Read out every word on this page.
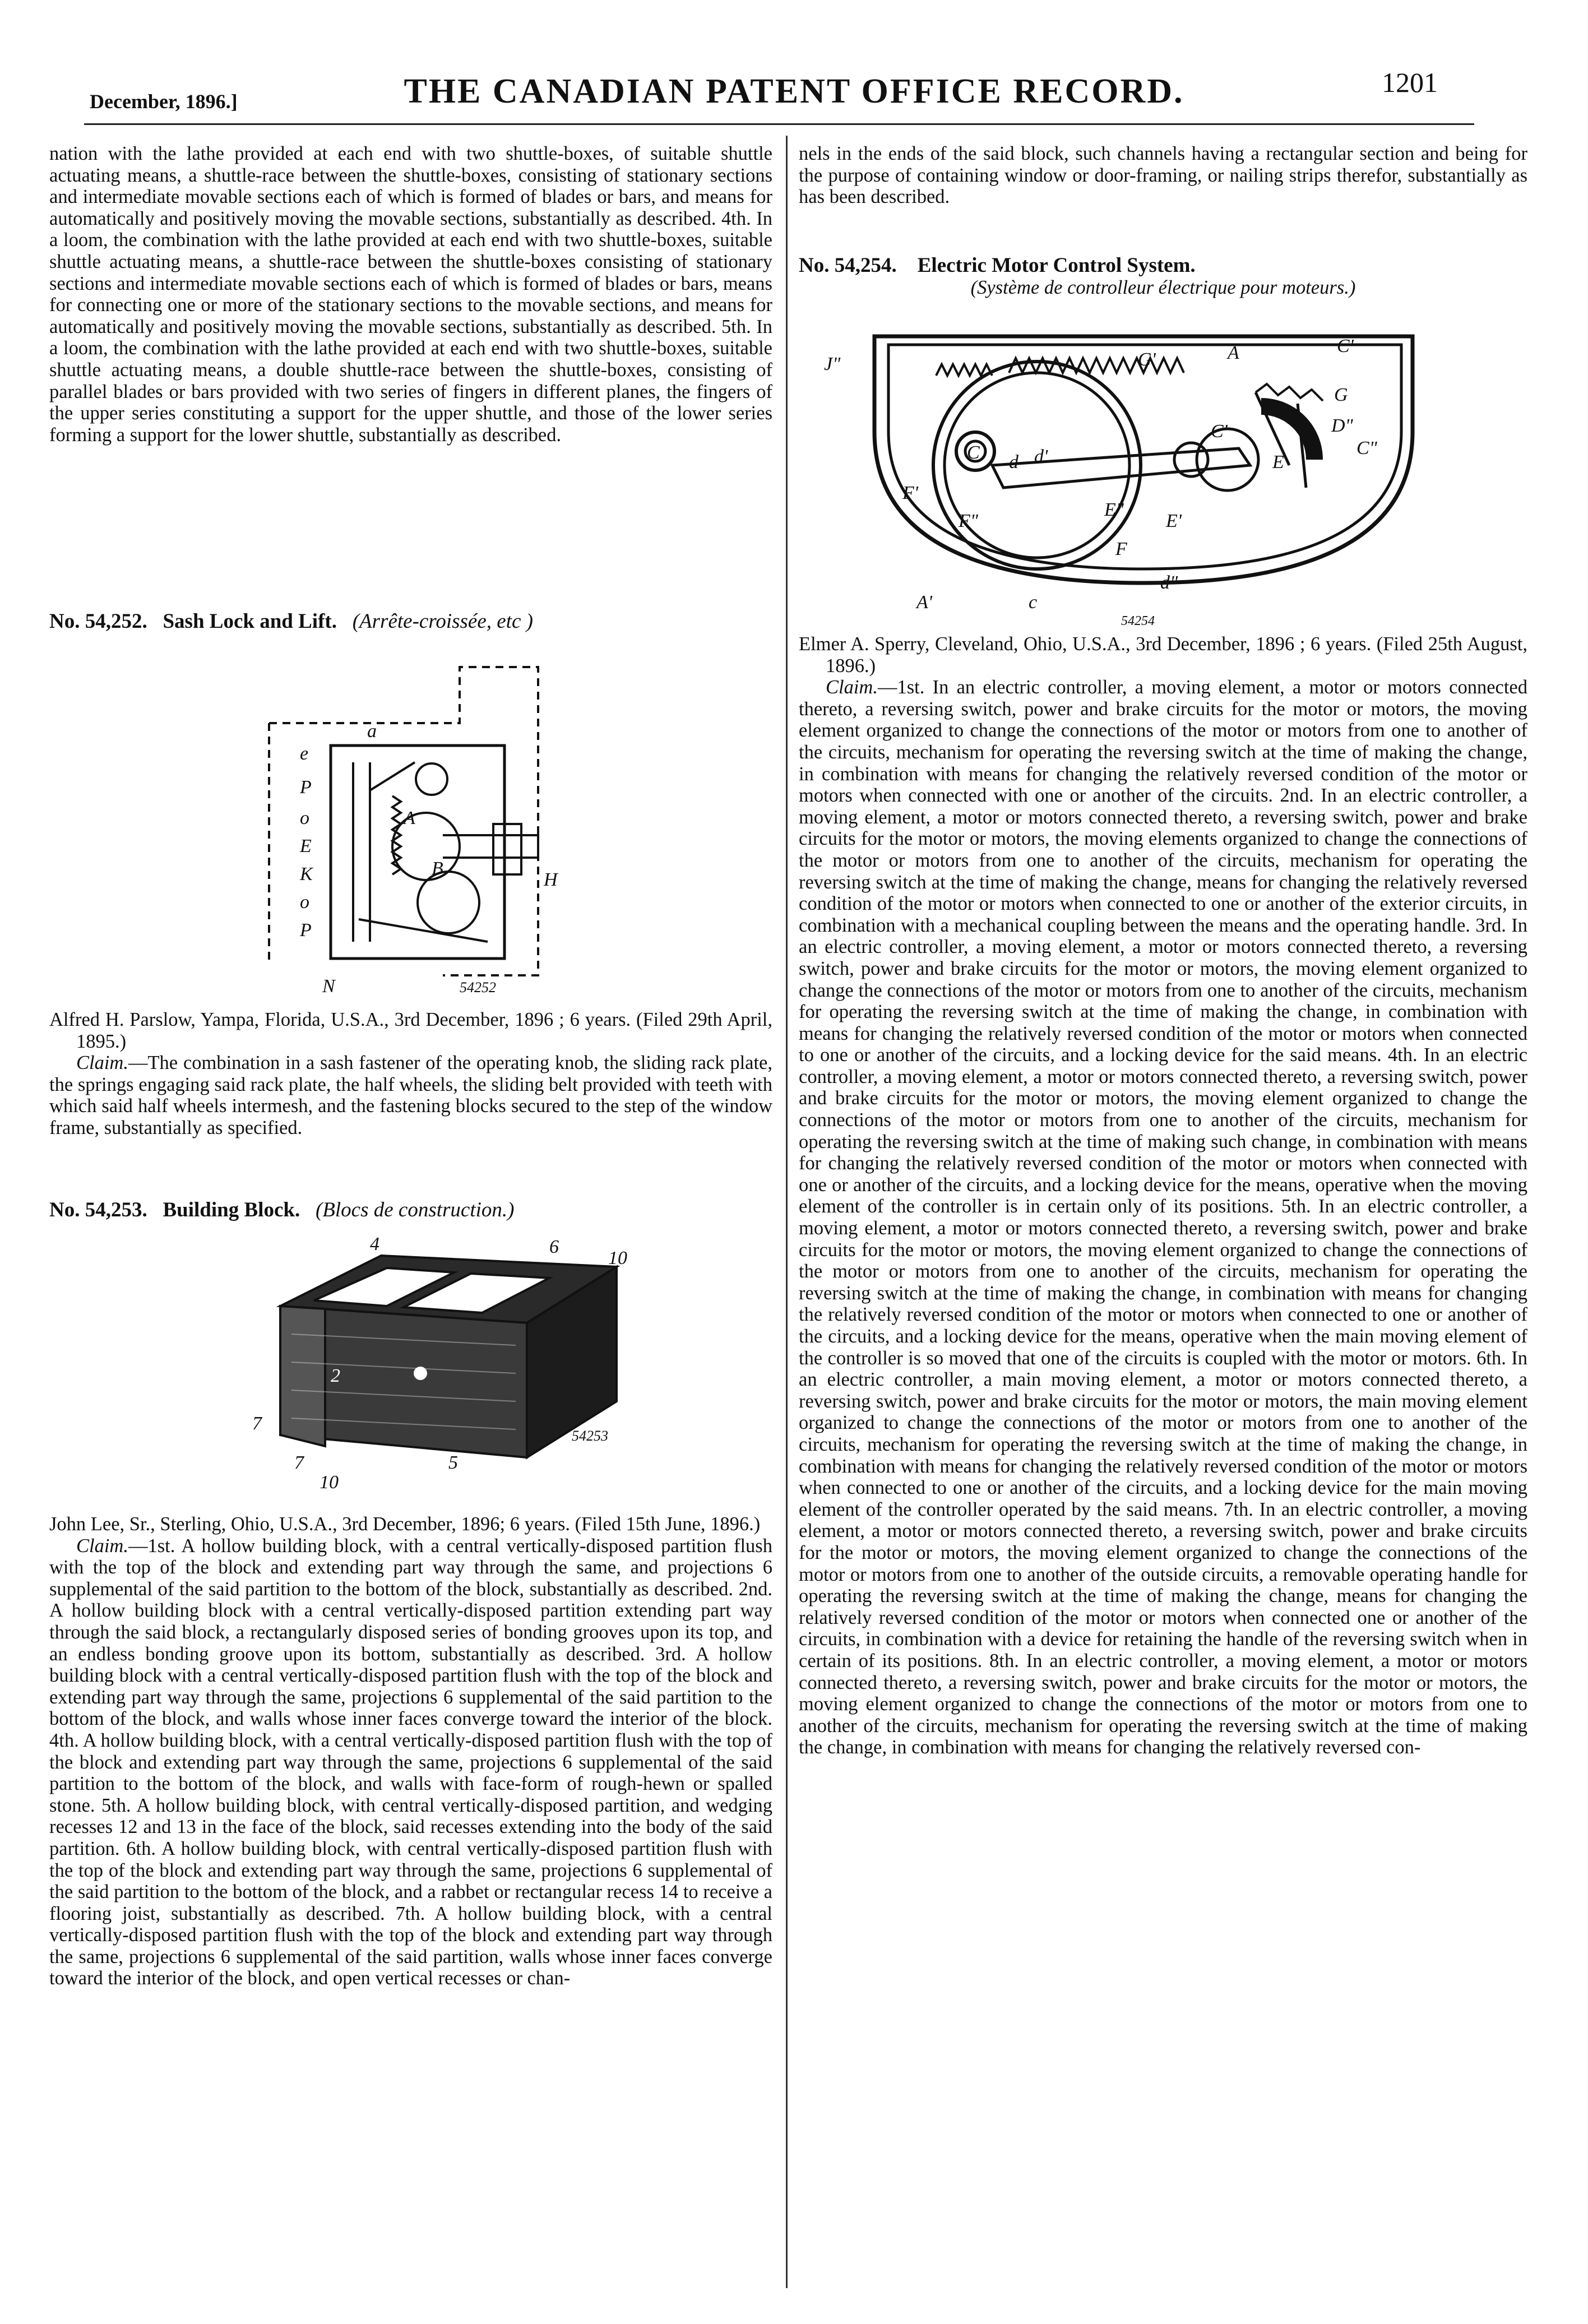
December, 1896.]	THE CANADIAN PATENT OFFICE RECORD.	1201

nation with the lathe provided at each end with two shuttle-boxes, of suitable shuttle actuating means, a shuttle-race between the shuttle-boxes, consisting of stationary sections and intermediate movable sections each of which is formed of blades or bars, and means for automatically and positively moving the movable sections, substantially as described. 4th. In a loom, the combination with the lathe provided at each end with two shuttle-boxes, suitable shuttle actuating means, a shuttle-race between the shuttle-boxes consisting of stationary sections and intermediate movable sections each of which is formed of blades or bars, means for connecting one or more of the stationary sections to the movable sections, and means for automatically and positively moving the movable sections, substantially as described. 5th. In a loom, the combination with the lathe provided at each end with two shuttle-boxes, suitable shuttle actuating means, a double shuttle-race between the shuttle-boxes, consisting of parallel blades or bars provided with two series of fingers in different planes, the fingers of the upper series constituting a support for the upper shuttle, and those of the lower series forming a support for the lower shuttle, substantially as described.

No. 54,252. Sash Lock and Lift. (Arrête-croissée, etc )

e
a
P
o
E
K
o
P
B
H
A
N	54252

Alfred H. Parslow, Yampa, Florida, U.S.A., 3rd December, 1896 ; 6 years. (Filed 29th April, 1895.)

Claim.—The combination in a sash fastener of the operating knob, the sliding rack plate, the springs engaging said rack plate, the half wheels, the sliding belt provided with teeth with which said half wheels intermesh, and the fastening blocks secured to the step of the window frame, substantially as specified.

No. 54,253. Building Block. (Blocs de construction.)

4	6
10
2
7
7	5
10
54253

John Lee, Sr., Sterling, Ohio, U.S.A., 3rd December, 1896; 6 years. (Filed 15th June, 1896.)

Claim.—1st. A hollow building block, with a central vertically-disposed partition flush with the top of the block and extending part way through the same, and projections 6 supplemental of the said partition to the bottom of the block, substantially as described. 2nd. A hollow building block with a central vertically-disposed partition extending part way through the said block, a rectangularly disposed series of bonding grooves upon its top, and an endless bonding groove upon its bottom, substantially as described. 3rd. A hollow building block with a central vertically-disposed partition flush with the top of the block and extending part way through the same, projections 6 supplemental of the said partition to the bottom of the block, and walls whose inner faces converge toward the interior of the block. 4th. A hollow building block, with a central vertically-disposed partition flush with the top of the block and extending part way through the same, projections 6 supplemental of the said partition to the bottom of the block, and walls with face-form of rough-hewn or spalled stone. 5th. A hollow building block, with central vertically-disposed partition, and wedging recesses 12 and 13 in the face of the block, said recesses extending into the body of the said partition. 6th. A hollow building block, with central vertically-disposed partition flush with the top of the block and extending part way through the same, projections 6 supplemental of the said partition to the bottom of the block, and a rabbet or rectangular recess 14 to receive a flooring joist, substantially as described. 7th. A hollow building block, with a central vertically-disposed partition flush with the top of the block and extending part way through the same, projections 6 supplemental of the said partition, walls whose inner faces converge toward the interior of the block, and open vertical recesses or chan-

nels in the ends of the said block, such channels having a rectangular section and being for the purpose of containing window or door-framing, or nailing strips therefor, substantially as has been described.

No. 54,254. Electric Motor Control System.

(Système de controlleur électrique pour moteurs.)

J"	G'	A	C'
G
D"
C"
C'
C d d'
F'
E
F"
E"
E'
F
d"
c
A'
54254

Elmer A. Sperry, Cleveland, Ohio, U.S.A., 3rd December, 1896 ; 6 years. (Filed 25th August, 1896.)

Claim.—1st. In an electric controller, a moving element, a motor or motors connected thereto, a reversing switch, power and brake circuits for the motor or motors, the moving element organized to change the connections of the motor or motors from one to another of the circuits, mechanism for operating the reversing switch at the time of making the change, in combination with means for changing the relatively reversed condition of the motor or motors when connected with one or another of the circuits. 2nd. In an electric controller, a moving element, a motor or motors connected thereto, a reversing switch, power and brake circuits for the motor or motors, the moving elements organized to change the connections of the motor or motors from one to another of the circuits, mechanism for operating the reversing switch at the time of making the change, means for changing the relatively reversed condition of the motor or motors when connected to one or another of the exterior circuits, in combination with a mechanical coupling between the means and the operating handle. 3rd. In an electric controller, a moving element, a motor or motors connected thereto, a reversing switch, power and brake circuits for the motor or motors, the moving element organized to change the connections of the motor or motors from one to another of the circuits, mechanism for operating the reversing switch at the time of making the change, in combination with means for changing the relatively reversed condition of the motor or motors when connected to one or another of the circuits, and a locking device for the said means. 4th. In an electric controller, a moving element, a motor or motors connected thereto, a reversing switch, power and brake circuits for the motor or motors, the moving element organized to change the connections of the motor or motors from one to another of the circuits, mechanism for operating the reversing switch at the time of making such change, in combination with means for changing the relatively reversed condition of the motor or motors when connected with one or another of the circuits, and a locking device for the means, operative when the moving element of the controller is in certain only of its positions. 5th. In an electric controller, a moving element, a motor or motors connected thereto, a reversing switch, power and brake circuits for the motor or motors, the moving element organized to change the connections of the motor or motors from one to another of the circuits, mechanism for operating the reversing switch at the time of making the change, in combination with means for changing the relatively reversed condition of the motor or motors when connected to one or another of the circuits, and a locking device for the means, operative when the main moving element of the controller is so moved that one of the circuits is coupled with the motor or motors. 6th. In an electric controller, a main moving element, a motor or motors connected thereto, a reversing switch, power and brake circuits for the motor or motors, the main moving element organized to change the connections of the motor or motors from one to another of the circuits, mechanism for operating the reversing switch at the time of making the change, in combination with means for changing the relatively reversed condition of the motor or motors when connected to one or another of the circuits, and a locking device for the main moving element of the controller operated by the said means. 7th. In an electric controller, a moving element, a motor or motors connected thereto, a reversing switch, power and brake circuits for the motor or motors, the moving element organized to change the connections of the motor or motors from one to another of the outside circuits, a removable operating handle for operating the reversing switch at the time of making the change, means for changing the relatively reversed condition of the motor or motors when connected one or another of the circuits, in combination with a device for retaining the handle of the reversing switch when in certain of its positions. 8th. In an electric controller, a moving element, a motor or motors connected thereto, a reversing switch, power and brake circuits for the motor or motors, the moving element organized to change the connections of the motor or motors from one to another of the circuits, mechanism for operating the reversing switch at the time of making the change, in combination with means for changing the relatively reversed con-
